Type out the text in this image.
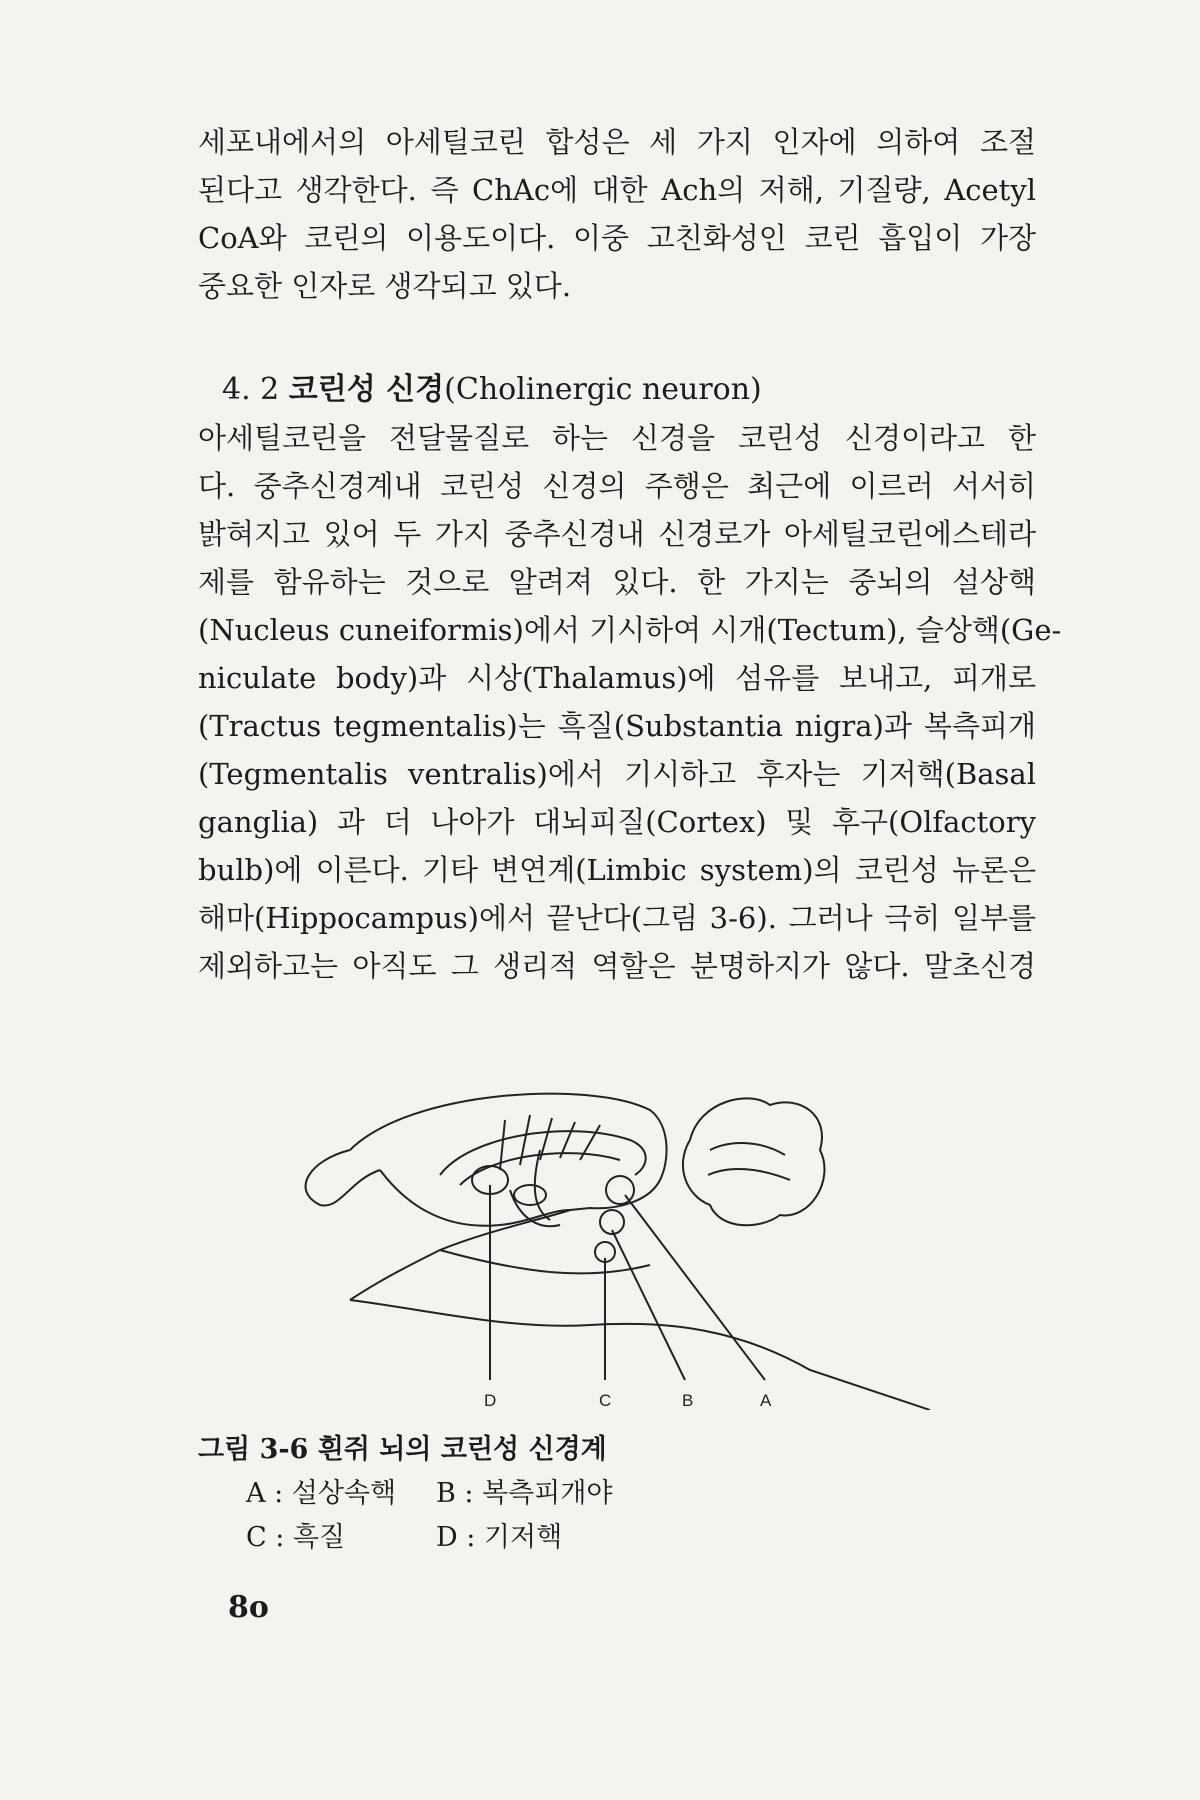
세포내에서의 아세틸코린 합성은 세 가지 인자에 의하여 조절
된다고 생각한다. 즉 ChAc에 대한 Ach의 저해, 기질량, Acetyl
CoA와 코린의 이용도이다. 이중 고친화성인 코린 흡입이 가장
중요한 인자로 생각되고 있다.

4. 2 코린성 신경(Cholinergic neuron)

아세틸코린을 전달물질로 하는 신경을 코린성 신경이라고 한
다. 중추신경계내 코린성 신경의 주행은 최근에 이르러 서서히
밝혀지고 있어 두 가지 중추신경내 신경로가 아세틸코린에스테라
제를 함유하는 것으로 알려져 있다. 한 가지는 중뇌의 설상핵
(Nucleus cuneiformis)에서 기시하여 시개(Tectum), 슬상핵(Ge-
niculate body)과 시상(Thalamus)에 섬유를 보내고, 피개로
(Tractus tegmentalis)는 흑질(Substantia nigra)과 복측피개
(Tegmentalis ventralis)에서 기시하고 후자는 기저핵(Basal
ganglia) 과 더 나아가 대뇌피질(Cortex) 및 후구(Olfactory
bulb)에 이른다. 기타 변연계(Limbic system)의 코린성 뉴론은
해마(Hippocampus)에서 끝난다(그림 3-6). 그러나 극히 일부를
제외하고는 아직도 그 생리적 역할은 분명하지가 않다. 말초신경

D	C	B	A
그림 3-6 흰쥐 뇌의 코린성 신경계
A : 설상속핵 B : 복측피개야
C : 흑질	D : 기저핵
8o
